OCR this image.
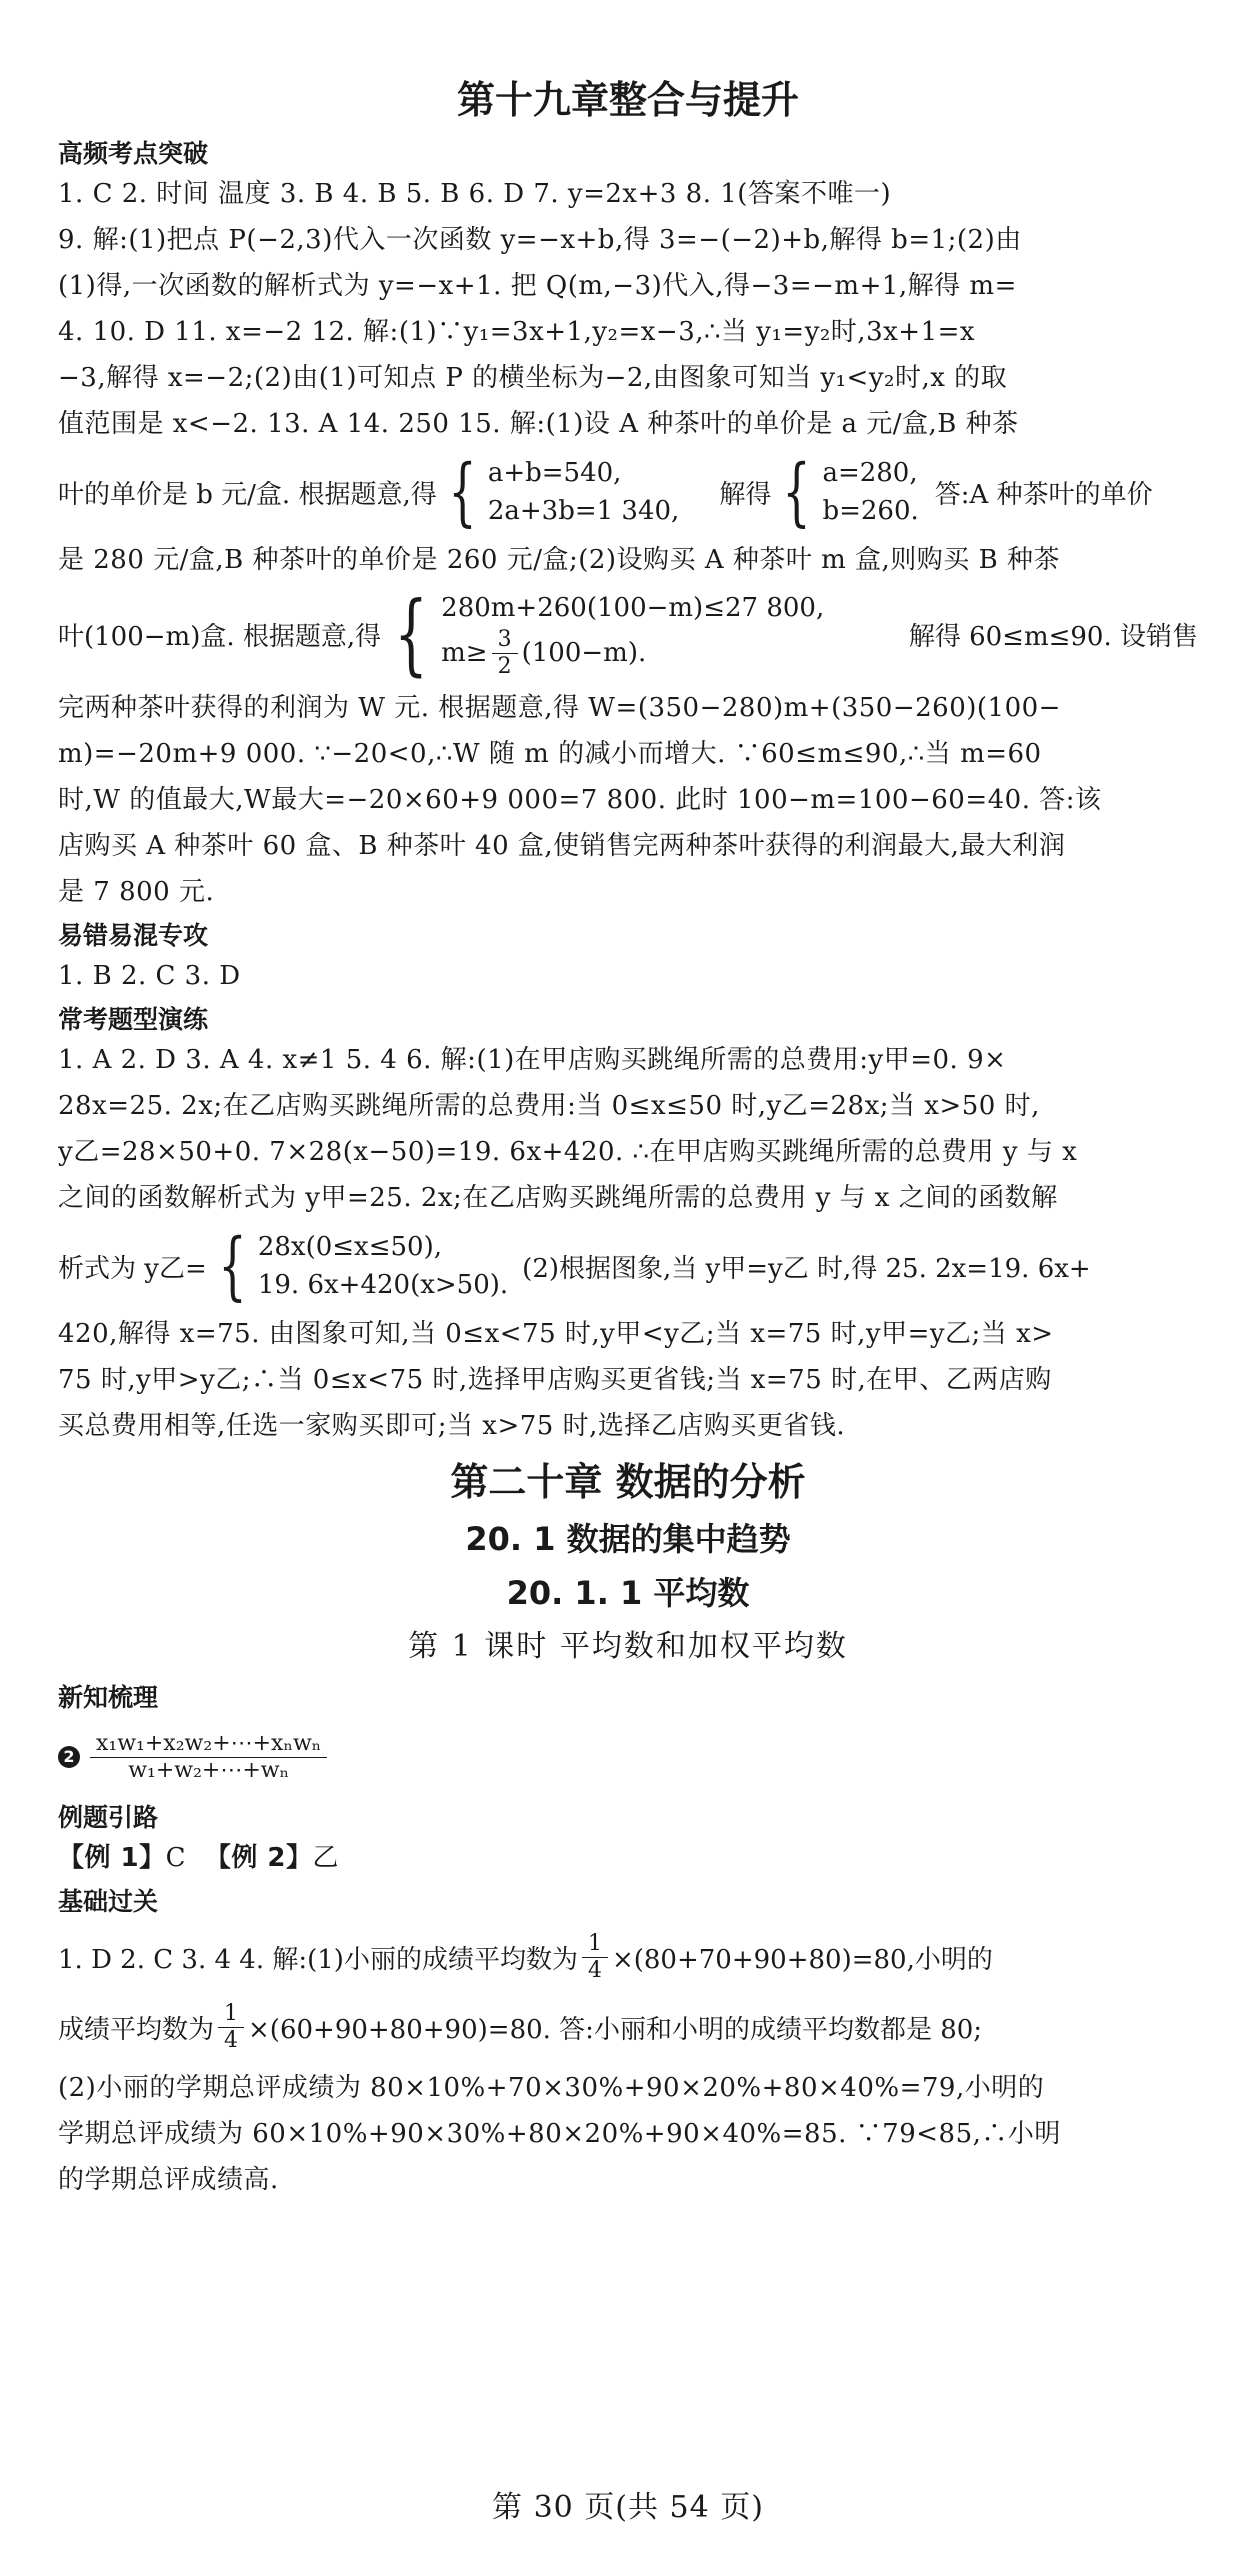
第十九章整合与提升
高频考点突破
1. C 2. 时间 温度 3. B 4. B 5. B 6. D 7. y=2x+3 8. 1(答案不唯一)
9. 解:(1)把点 P(−2,3)代入一次函数 y=−x+b,得 3=−(−2)+b,解得 b=1;(2)由
(1)得,一次函数的解析式为 y=−x+1. 把 Q(m,−3)代入,得−3=−m+1,解得 m=
4. 10. D 11. x=−2 12. 解:(1)∵y₁=3x+1,y₂=x−3,∴当 y₁=y₂时,3x+1=x
−3,解得 x=−2;(2)由(1)可知点 P 的横坐标为−2,由图象可知当 y₁<y₂时,x 的取
值范围是 x<−2. 13. A 14. 250 15. 解:(1)设 A 种茶叶的单价是 a 元/盒,B 种茶
叶的单价是 b 元/盒. 根据题意,得 { a+b=540,
2a+3b=1 340,
解得 { a=280,
b=260.
答:A 种茶叶的单价
是 280 元/盒,B 种茶叶的单价是 260 元/盒;(2)设购买 A 种茶叶 m 盒,则购买 B 种茶
叶(100−m)盒. 根据题意,得 { 280m+260(100−m)≤27 800,
$m\ge \frac{3}{2} (100-m)$.
解得 60≤m≤90. 设销售
完两种茶叶获得的利润为 W 元. 根据题意,得 W=(350−280)m+(350−260)(100−
m)=−20m+9 000. ∵−20<0,∴W 随 m 的减小而增大. ∵60≤m≤90,∴当 m=60
时,W 的值最大,W最大=−20×60+9 000=7 800. 此时 100−m=100−60=40. 答:该
店购买 A 种茶叶 60 盒、B 种茶叶 40 盒,使销售完两种茶叶获得的利润最大,最大利润
是 7 800 元.
易错易混专攻
1. B 2. C 3. D
常考题型演练
1. A 2. D 3. A 4. x≠1 5. 4 6. 解:(1)在甲店购买跳绳所需的总费用:y甲=0. 9×
28x=25. 2x;在乙店购买跳绳所需的总费用:当 0≤x≤50 时,y乙=28x;当 x>50 时,
y乙=28×50+0. 7×28(x−50)=19. 6x+420. ∴在甲店购买跳绳所需的总费用 y 与 x
之间的函数解析式为 y甲=25. 2x;在乙店购买跳绳所需的总费用 y 与 x 之间的函数解
析式为 y乙= { 28x(0≤x≤50),
19. 6x+420(x>50).
(2)根据图象,当 y甲=y乙 时,得 25. 2x=19. 6x+
420,解得 x=75. 由图象可知,当 0≤x<75 时,y甲<y乙;当 x=75 时,y甲=y乙;当 x>
75 时,y甲>y乙;∴当 0≤x<75 时,选择甲店购买更省钱;当 x=75 时,在甲、乙两店购
买总费用相等,任选一家购买即可;当 x>75 时,选择乙店购买更省钱.
第二十章 数据的分析
20. 1 数据的集中趋势
20. 1. 1 平均数
第 1 课时 平均数和加权平均数
新知梳理
$2 \frac{\text{x₁w₁+x₂w₂+⋯+xₙwₙ}}{\text{w₁+w₂+⋯+wₙ}}$
例题引路
【例 1】C 【例 2】乙
基础过关
1. D 2. C 3. 4 4. 解:(1)小丽的成绩平均数为 $\frac{1}{4} \times(80+70+90+80)=80$,小明的
成绩平均数为 $\frac{1}{4} \times(60+90+80+90)=80$. 答:小丽和小明的成绩平均数都是 80;
(2)小丽的学期总评成绩为 80×10%+70×30%+90×20%+80×40%=79,小明的
学期总评成绩为 60×10%+90×30%+80×20%+90×40%=85. ∵79<85,∴小明
的学期总评成绩高.
第 30 页(共 54 页)
